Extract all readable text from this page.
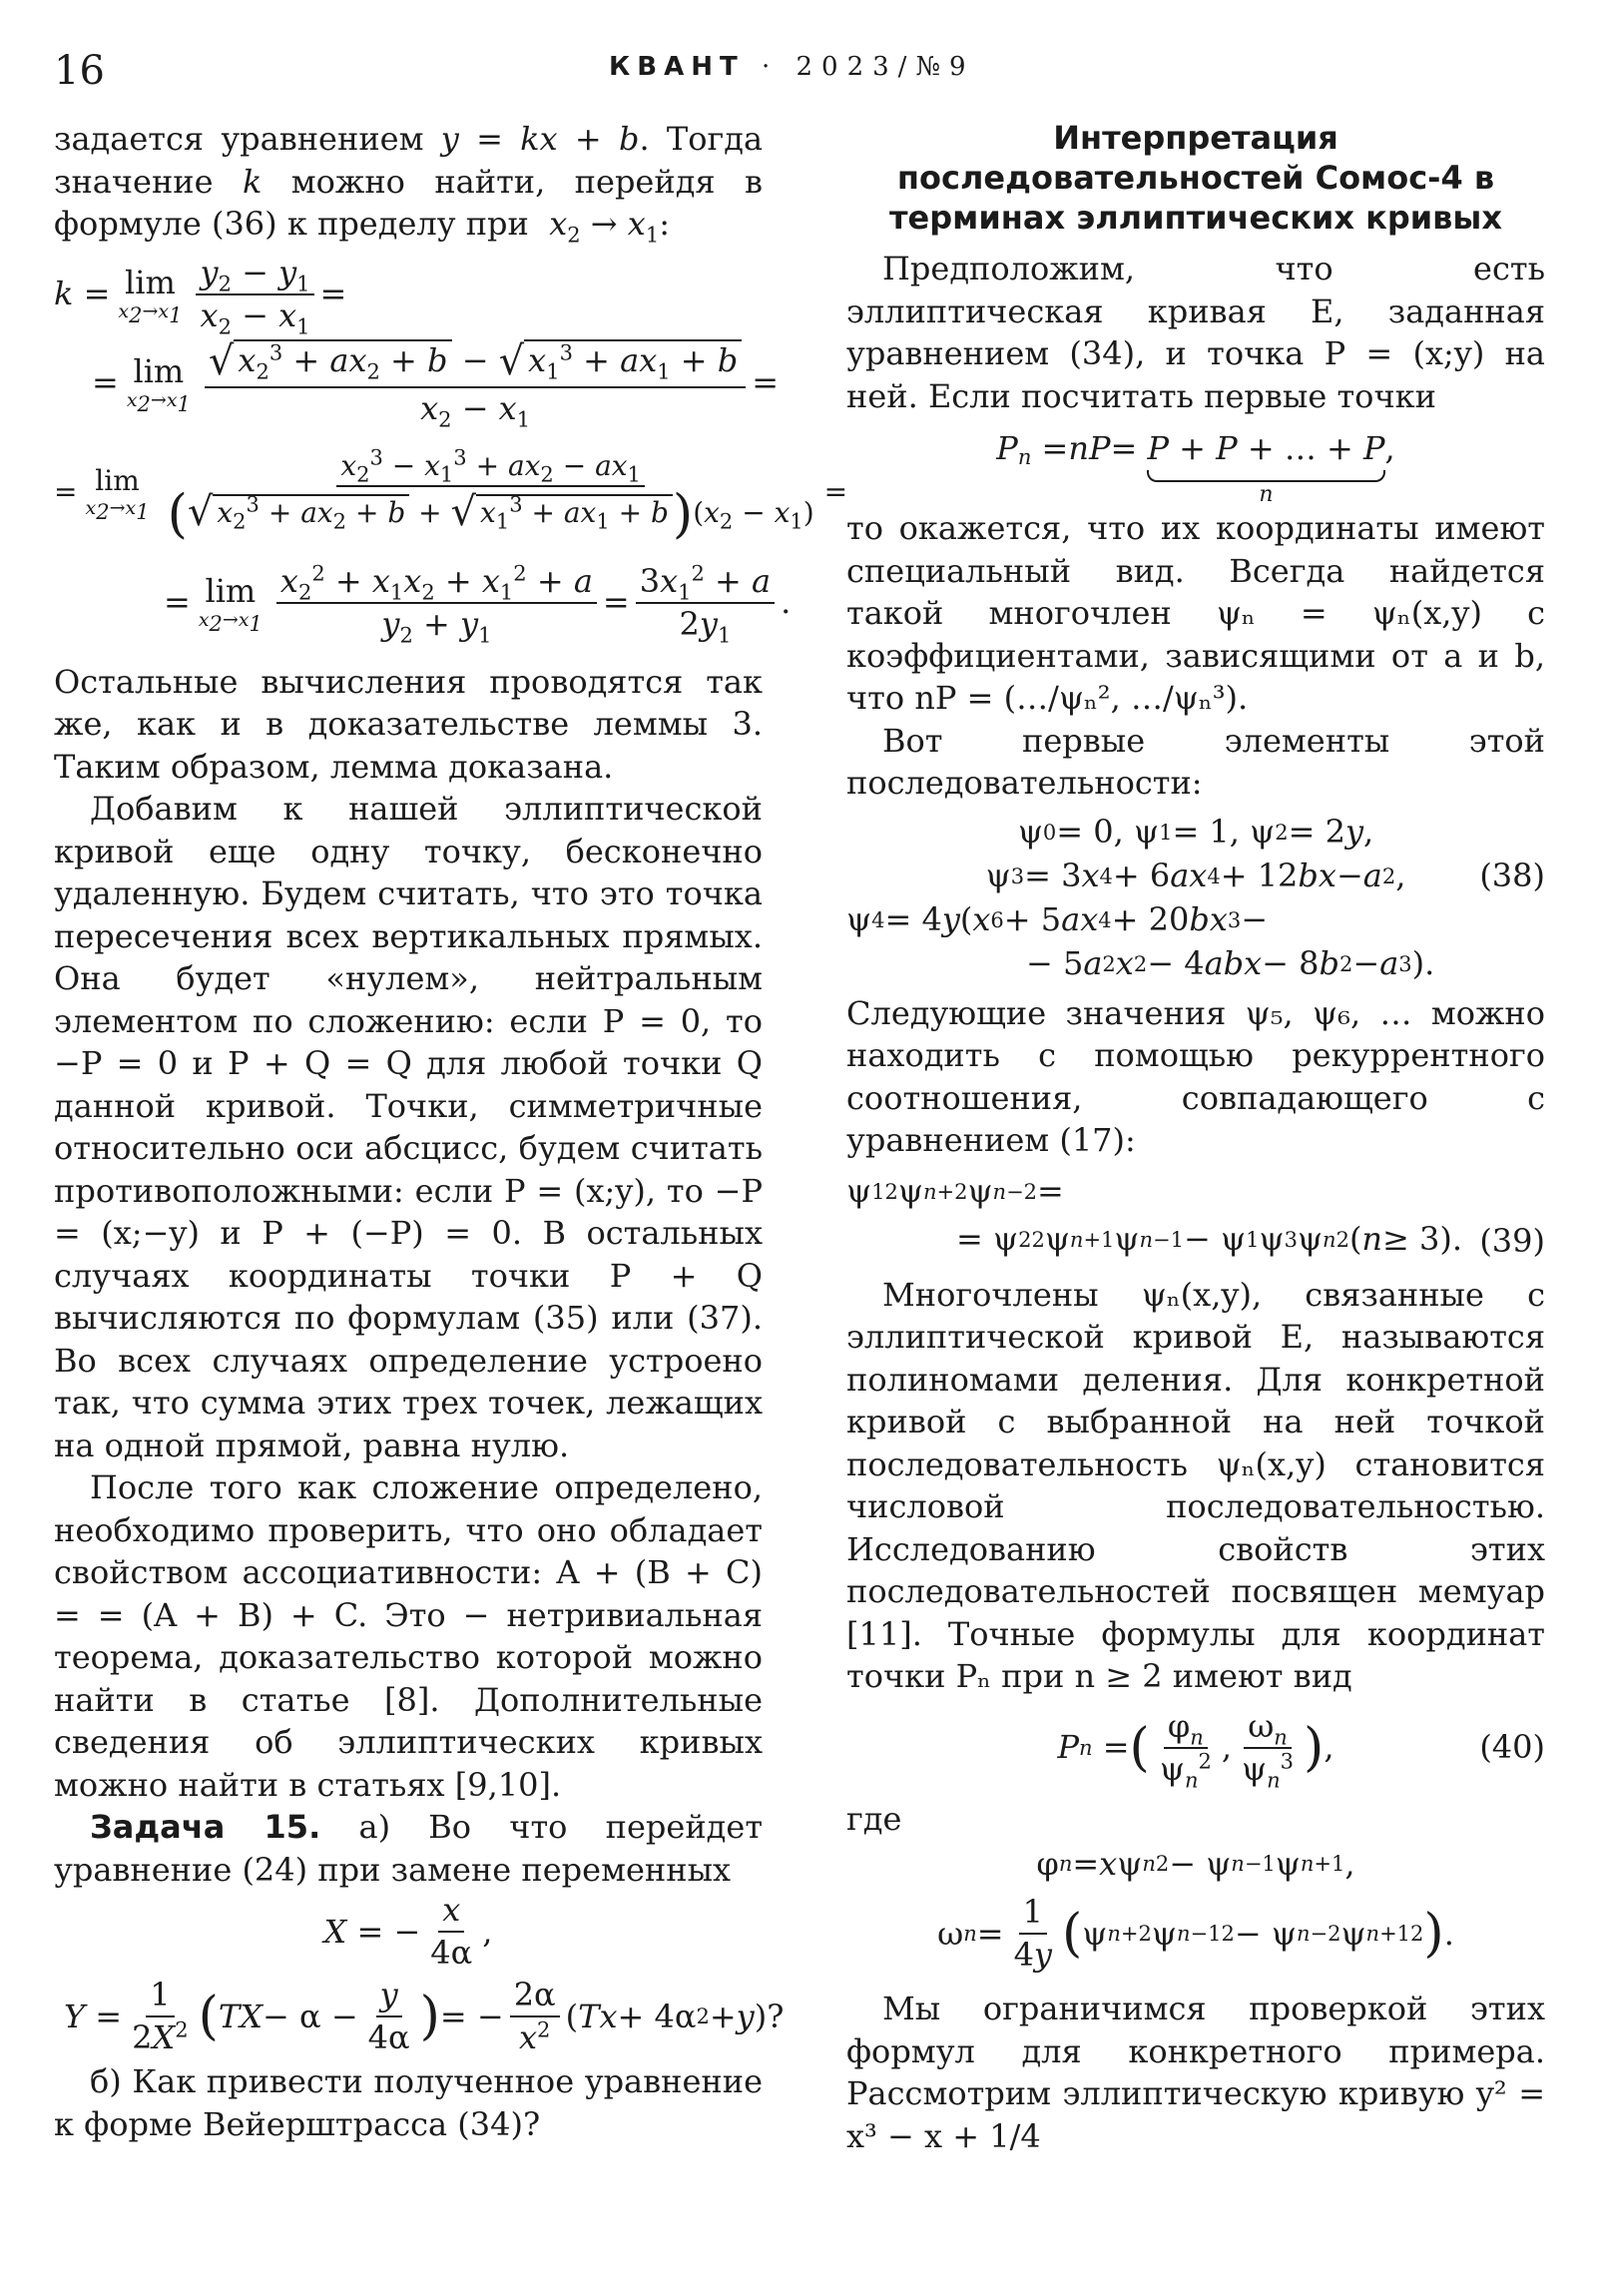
16	КВАНТ · 2023/№9

задается уравнением y = kx + b. Тогда значение k можно найти, перейдя в формуле (36) к пределу при  $x_2 \to x_1$:

k = lim
$x_2\to x_1 \frac{y_2 - y_1}{x_2 - x_1}$ =
= lim
$x_2\to x_1 \frac{√ x_2^3 + ax_2 + b - √ x_1^3 + ax_1 + b}{x_2 - x_1}$ =
= lim
$x_2\to x_1 \frac{x_2^3 - x_1^3 + ax_2 - ax_1}{(√ x_2^3 + ax_2 + b + √ x_1^3 + ax_1 + b)(x_2 - x_1)}$ =
= lim
$x_2\to x_1 \frac{x_2^2 + x_1x_2 + x_1^2 + a}{y_2 + y_1} = \frac{3x_1^2 + a}{2y_1}$ .

Остальные вычисления проводятся так же, как и в доказательстве леммы 3. Таким образом, лемма доказана.

Добавим к нашей эллиптической кривой еще одну точку, бесконечно удаленную. Будем считать, что это точка пересечения всех вертикальных прямых. Она будет «нулем», нейтральным элементом по сложению: если P = 0, то −P = 0 и P + Q = Q для любой точки Q данной кривой. Точки, симметричные относительно оси абсцисс, будем считать противоположными: если P = (x;y), то −P = (x;−y) и P + (−P) = 0. В остальных случаях координаты точки P + Q вычисляются по формулам (35) или (37). Во всех случаях определение устроено так, что сумма этих трех точек, лежащих на одной прямой, равна нулю.

После того как сложение определено, необходимо проверить, что оно обладает свойством ассоциативности: A + (B + C) = = (A + B) + C. Это − нетривиальная теорема, доказательство которой можно найти в статье [8]. Дополнительные сведения об эллиптических кривых можно найти в статьях [9,10].

Задача 15. а) Во что перейдет уравнение (24) при замене переменных

X = − $\frac{x}{4\alpha}$ ,
$Y = \frac{1}{2X^2}$ ( TX − $\alpha - \frac{y}{4\alpha}$ ) = − $\frac{2\alpha}{x^2}$ ( Tx + 4α 2 + y )?

б) Как привести полученное уравнение к форме Вейерштрасса (34)?

Интерпретация последовательностей Сомос-4 в терминах эллиптических кривых

Предположим, что есть эллиптическая кривая E, заданная уравнением (34), и точка P = (x;y) на ней. Если посчитать первые точки

P $_n$ = nP = P + P + … + P
n
,

то окажется, что их координаты имеют специальный вид. Всегда найдется такой многочлен ψₙ = ψₙ(x,y) с коэффициентами, зависящими от a и b, что nP = (…/ψₙ², …/ψₙ³).

Вот первые элементы этой последовательности:

ψ 0 = 0, ψ 1 = 1, ψ 2 = 2 y ,
ψ 3 = 3 x 4 + 6 ax 4 + 12 bx − a 2 ,
ψ 4 = 4 y ( x 6 + 5 ax 4 + 20 bx 3 −
− 5 a 2 x 2 − 4 abx − 8 b 2 − a 3 ).
(38)

Следующие значения ψ₅, ψ₆, … можно находить с помощью рекуррентного соотношения, совпадающего с уравнением (17):

ψ 1 2 ψ n+2 ψ n−2 =
= ψ 2 2 ψ n+1 ψ n−1 − ψ 1 ψ 3 ψ n 2 ( n ≥ 3). (39)

Многочлены ψₙ(x,y), связанные с эллиптической кривой E, называются полиномами деления. Для конкретной кривой с выбранной на ней точкой последовательность ψₙ(x,y) становится числовой последовательностью. Исследованию свойств этих последовательностей посвящен мемуар [11]. Точные формулы для координат точки Pₙ при n ≥ 2 имеют вид

P n = ( $\frac{\varphi_n}{\psi_n^2}$ , $\frac{\omega_n}{\psi_n^3}$ ) ,	(40)

где

φ n = x ψ n 2 − ψ n−1 ψ n+1 ,
ω $n = \frac{1}{4y}$ ( ψ n+2 ψ n−1 2 − ψ n−2 ψ n+1 2 ) .

Мы ограничимся проверкой этих формул для конкретного примера. Рассмотрим эллиптическую кривую y² = x³ − x + 1/4
